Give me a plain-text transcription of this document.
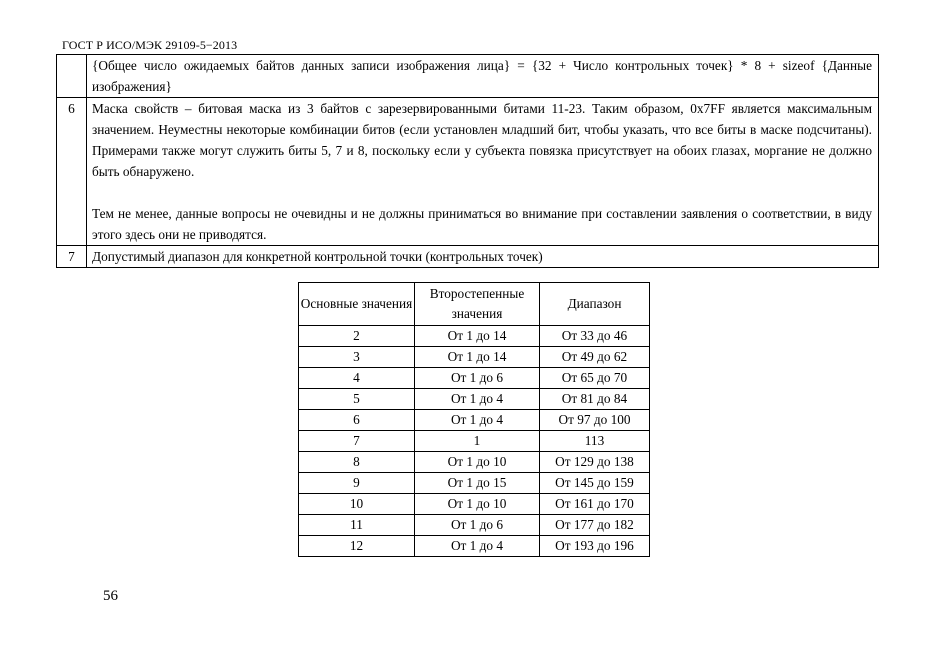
ГОСТ Р ИСО/МЭК 29109-5−2013
	{Общее число ожидаемых байтов данных записи изображения лица} = {32 + Число контрольных точек} * 8 + sizeof {Данные изображения}
6	Маска свойств – битовая маска из 3 байтов с зарезервированными битами 11-23. Таким образом, 0x7FF является максимальным значением. Неуместны некоторые комбинации битов (если установлен младший бит, чтобы указать, что все биты в маске подсчитаны). Примерами также могут служить биты 5, 7 и 8, поскольку если у субъекта повязка присутствует на обоих глазах, моргание не должно быть обнаружено.
Тем не менее, данные вопросы не очевидны и не должны приниматься во внимание при составлении заявления о соответствии, в виду этого здесь они не приводятся.

7	Допустимый диапазон для конкретной контрольной точки (контрольных точек)
Основные значения	Второстепенные значения	Диапазон
2	От 1 до 14	От 33 до 46
3	От 1 до 14	От 49 до 62
4	От 1 до 6	От 65 до 70
5	От 1 до 4	От 81 до 84
6	От 1 до 4	От 97 до 100
7	1	113
8	От 1 до 10	От 129 до 138
9	От 1 до 15	От 145 до 159
10	От 1 до 10	От 161 до 170
11	От 1 до 6	От 177 до 182
12	От 1 до 4	От 193 до 196
56
